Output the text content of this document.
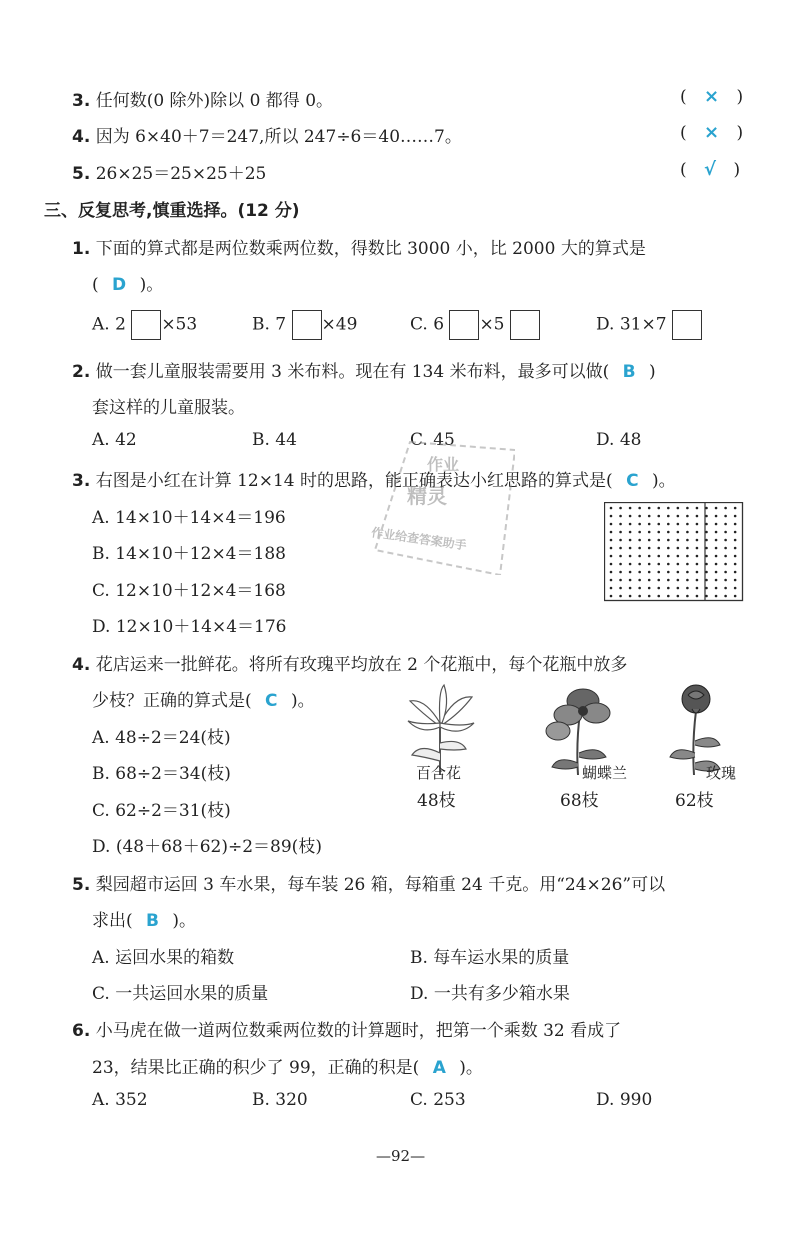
3. 任何数(0 除外)除以 0 都得 0。	( × )
4. 因为 6×40＋7＝247,所以 247÷6＝40……7。	( × )
5. 26×25＝25×25＋25	( √ )
三、反复思考,慎重选择。(12 分)
1. 下面的算式都是两位数乘两位数，得数比 3000 小，比 2000 大的算式是
( D )。
A. 2 ×53	B. 7 ×49	C. 6 ×5	D. 31×7
2. 做一套儿童服装需要用 3 米布料。现在有 134 米布料，最多可以做( B )
套这样的儿童服装。
A. 42	B. 44	C. 45	D. 48
3. 右图是小红在计算 12×14 时的思路，能正确表达小红思路的算式是( C )。
A. 14×10＋14×4＝196
B. 14×10＋12×4＝188
C. 12×10＋12×4＝168
D. 12×10＋14×4＝176
作业
精灵
作业给查答案助手
4. 花店运来一批鲜花。将所有玫瑰平均放在 2 个花瓶中，每个花瓶中放多
少枝？正确的算式是( C )。
A. 48÷2＝24(枝)
B. 68÷2＝34(枝)
C. 62÷2＝31(枝)
D. (48＋68＋62)÷2＝89(枝)
百合花
48枝
蝴蝶兰
68枝
玫瑰
62枝
5. 梨园超市运回 3 车水果，每车装 26 箱，每箱重 24 千克。用“24×26”可以
求出( B )。
A. 运回水果的箱数	B. 每车运水果的质量
C. 一共运回水果的质量	D. 一共有多少箱水果
6. 小马虎在做一道两位数乘两位数的计算题时，把第一个乘数 32 看成了
23，结果比正确的积少了 99，正确的积是( A )。
A. 352	B. 320	C. 253	D. 990
—92—
